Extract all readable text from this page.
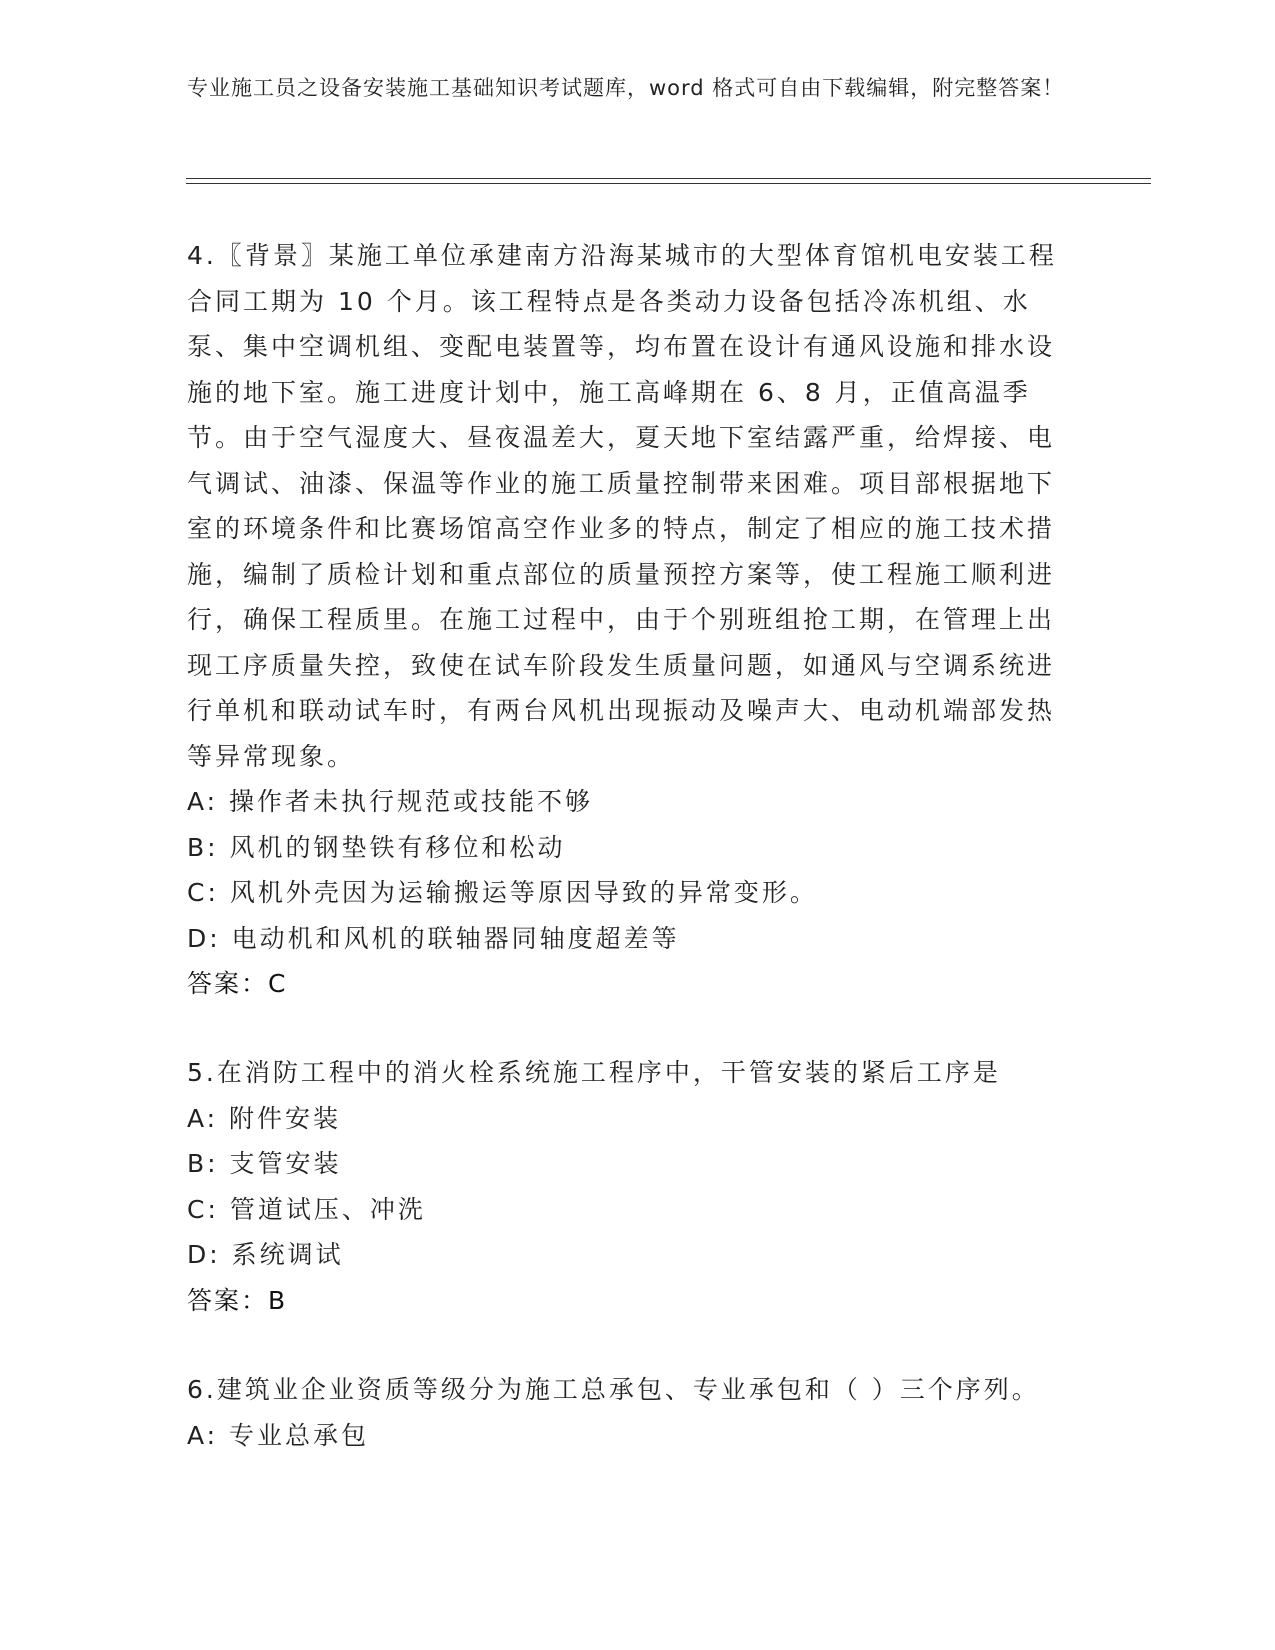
专业施工员之设备安装施工基础知识考试题库，word 格式可自由下载编辑，附完整答案！

4.〖背景〗某施工单位承建南方沿海某城市的大型体育馆机电安装工程合同工期为 10 个月。该工程特点是各类动力设备包括冷冻机组、水泵、集中空调机组、变配电装置等，均布置在设计有通风设施和排水设施的地下室。施工进度计划中，施工高峰期在 6、8 月，正值高温季节。由于空气湿度大、昼夜温差大，夏天地下室结露严重，给焊接、电气调试、油漆、保温等作业的施工质量控制带来困难。项目部根据地下室的环境条件和比赛场馆高空作业多的特点，制定了相应的施工技术措施，编制了质检计划和重点部位的质量预控方案等，使工程施工顺利进行，确保工程质里。在施工过程中，由于个别班组抢工期，在管理上出现工序质量失控，致使在试车阶段发生质量问题，如通风与空调系统进行单机和联动试车时，有两台风机出现振动及噪声大、电动机端部发热等异常现象。

A: 操作者未执行规范或技能不够

B: 风机的钢垫铁有移位和松动

C: 风机外壳因为运输搬运等原因导致的异常变形。

D: 电动机和风机的联轴器同轴度超差等

答案：C

5.在消防工程中的消火栓系统施工程序中，干管安装的紧后工序是

A: 附件安装

B: 支管安装

C: 管道试压、冲洗

D: 系统调试

答案：B

6.建筑业企业资质等级分为施工总承包、专业承包和（ ）三个序列。

A: 专业总承包
